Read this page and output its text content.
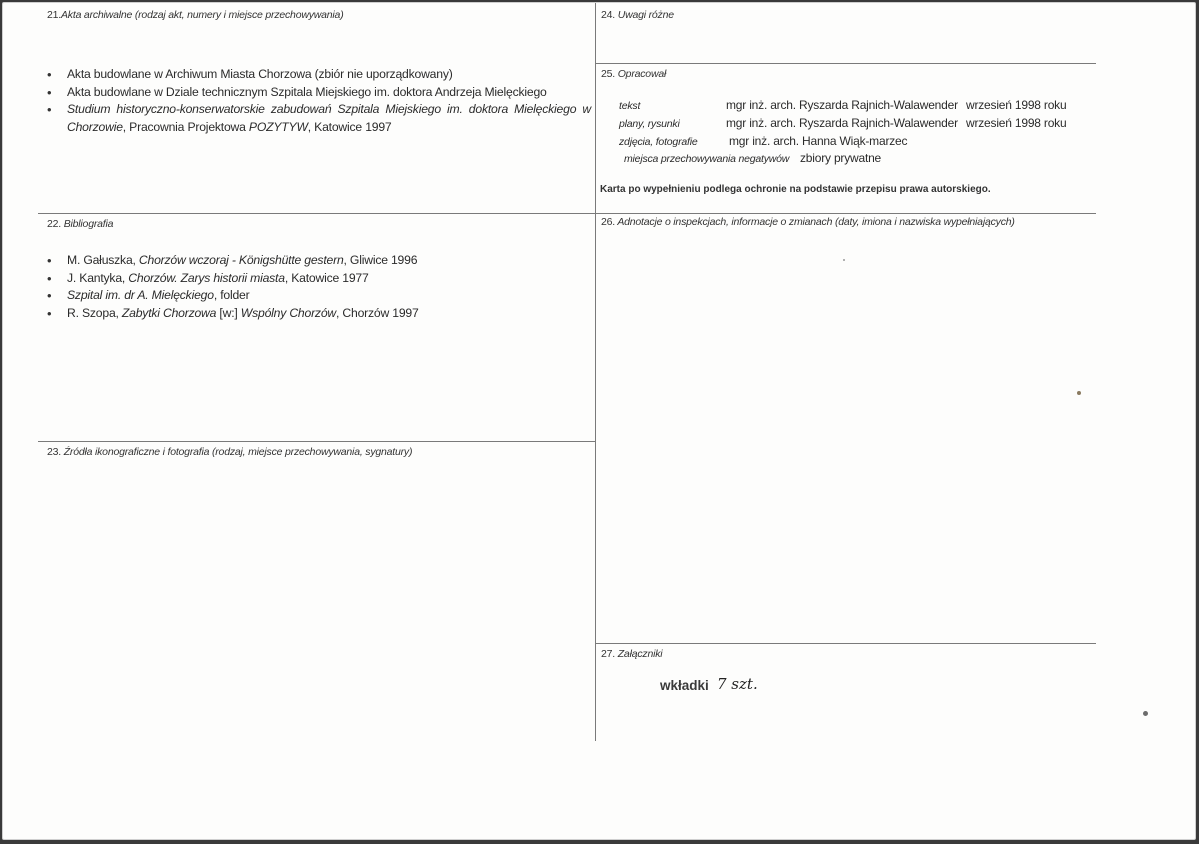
21.Akta archiwalne (rodzaj akt, numery i miejsce przechowywania)
• Akta budowlane w Archiwum Miasta Chorzowa (zbiór nie uporządkowany)
• Akta budowlane w Dziale technicznym Szpitala Miejskiego im. doktora Andrzeja Mielęckiego
• Studium historyczno-konserwatorskie zabudowań Szpitala Miejskiego im. doktora Mielęckiego w Chorzowie, Pracownia Projektowa POZYTYW, Katowice 1997
22. Bibliografia
• M. Gałuszka, Chorzów wczoraj - Königshütte gestern, Gliwice 1996
• J. Kantyka, Chorzów. Zarys historii miasta, Katowice 1977
• Szpital im. dr A. Mielęckiego, folder
• R. Szopa, Zabytki Chorzowa [w:] Wspólny Chorzów, Chorzów 1997
23. Źródła ikonograficzne i fotografia (rodzaj, miejsce przechowywania, sygnatury)
24. Uwagi różne
25. Opracował
tekst	mgr inż. arch. Ryszarda Rajnich-Walawender wrzesień 1998 roku
plany, rysunki	mgr inż. arch. Ryszarda Rajnich-Walawender wrzesień 1998 roku
zdjęcia, fotografie	mgr inż. arch. Hanna Wiąk-marzec
miejsca przechowywania negatywów zbiory prywatne
Karta po wypełnieniu podlega ochronie na podstawie przepisu prawa autorskiego.
26. Adnotacje o inspekcjach, informacje o zmianach (daty, imiona i nazwiska wypełniających)
27. Załączniki
wkładki 7 szt.
